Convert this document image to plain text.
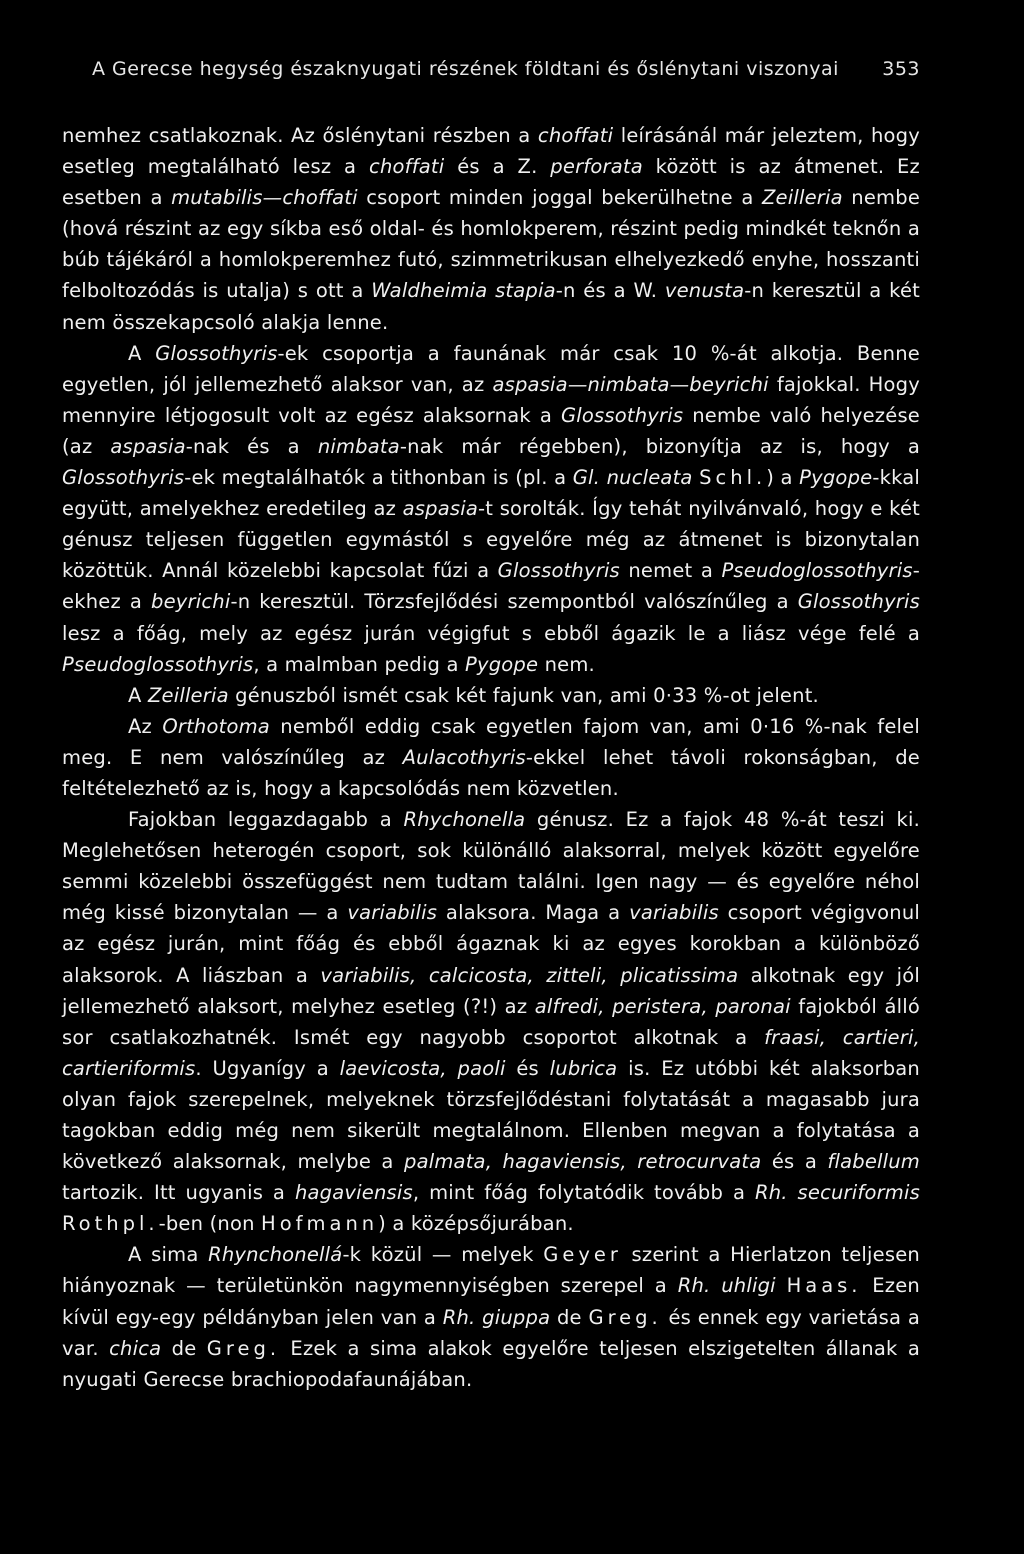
A Gerecse hegység északnyugati részének földtani és őslénytani viszonyai 353

nemhez csatlakoznak. Az őslénytani részben a choffati leírásánál már jeleztem, hogy esetleg megtalálható lesz a choffati és a Z. perforata között is az átmenet. Ez esetben a mutabilis—choffati csoport minden joggal bekerülhetne a Zeilleria nembe (hová részint az egy síkba eső oldal- és homlokperem, részint pedig mindkét teknőn a búb tájékáról a homlokperemhez futó, szimmetrikusan elhelyezkedő enyhe, hosszanti felboltozódás is utalja) s ott a Waldheimia stapia-n és a W. venusta-n keresztül a két nem összekapcsoló alakja lenne.

A Glossothyris-ek csoportja a faunának már csak 10 %-át alkotja. Benne egyetlen, jól jellemezhető alaksor van, az aspasia—nimbata—beyrichi fajokkal. Hogy mennyire létjogosult volt az egész alaksornak a Glossothyris nembe való helyezése (az aspasia-nak és a nimbata-nak már régebben), bizonyítja az is, hogy a Glossothyris-ek megtalálhatók a tithonban is (pl. a Gl. nucleata Schl.) a Pygope-kkal együtt, amelyekhez eredetileg az aspasia-t sorolták. Így tehát nyilvánvaló, hogy e két génusz teljesen független egymástól s egyelőre még az átmenet is bizonytalan közöttük. Annál közelebbi kapcsolat fűzi a Glossothyris nemet a Pseudoglossothyris-ekhez a beyrichi-n keresztül. Törzsfejlődési szempontból valószínűleg a Glossothyris lesz a főág, mely az egész jurán végigfut s ebből ágazik le a liász vége felé a Pseudoglossothyris, a malmban pedig a Pygope nem.

A Zeilleria génuszból ismét csak két fajunk van, ami 0·33 %-ot jelent.

Az Orthotoma nemből eddig csak egyetlen fajom van, ami 0·16 %-nak felel meg. E nem valószínűleg az Aulacothyris-ekkel lehet távoli rokonságban, de feltételezhető az is, hogy a kapcsolódás nem közvetlen.

Fajokban leggazdagabb a Rhychonella génusz. Ez a fajok 48 %-át teszi ki. Meglehetősen heterogén csoport, sok különálló alaksorral, melyek között egyelőre semmi közelebbi összefüggést nem tudtam találni. Igen nagy — és egyelőre néhol még kissé bizonytalan — a variabilis alaksora. Maga a variabilis csoport végigvonul az egész jurán, mint főág és ebből ágaznak ki az egyes korokban a különböző alaksorok. A liászban a variabilis, calcicosta, zitteli, plicatissima alkotnak egy jól jellemezhető alaksort, melyhez esetleg (?!) az alfredi, peristera, paronai fajokból álló sor csatlakozhatnék. Ismét egy nagyobb csoportot alkotnak a fraasi, cartieri, cartieriformis. Ugyanígy a laevicosta, paoli és lubrica is. Ez utóbbi két alaksorban olyan fajok szerepelnek, melyeknek törzsfejlődéstani folytatását a magasabb jura tagokban eddig még nem sikerült megtalálnom. Ellenben megvan a folytatása a következő alaksornak, melybe a palmata, hagaviensis, retrocurvata és a flabellum tartozik. Itt ugyanis a hagaviensis, mint főág folytatódik tovább a Rh. securiformis Rothpl.-ben (non Hofmann) a középsőjurában.

A sima Rhynchonellá-k közül — melyek Geyer szerint a Hierlatzon teljesen hiányoznak — területünkön nagymennyiségben szerepel a Rh. uhligi Haas. Ezen kívül egy-egy példányban jelen van a Rh. giuppa de Greg. és ennek egy varietása a var. chica de Greg. Ezek a sima alakok egyelőre teljesen elszigetelten állanak a nyugati Gerecse brachiopodafaunájában.
